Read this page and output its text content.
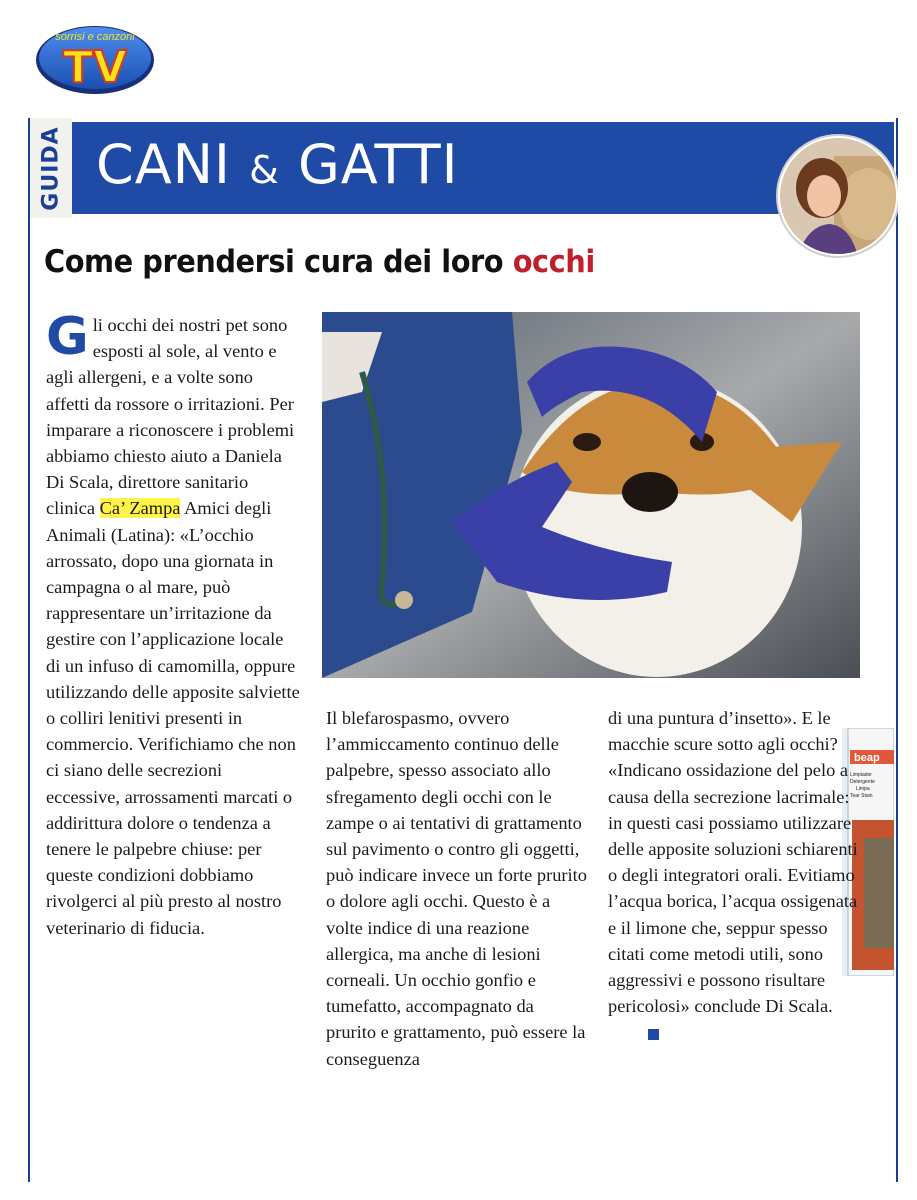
sorrisi e canzoni
TV
GUIDA CANI & GATTI
Come prendersi cura dei loro occhi
beap
Limpiador
Detergente
Limpa
Tear Stain

Gli occhi dei nostri pet sono esposti al sole, al vento e agli allergeni, e a volte sono affetti da rossore o irritazioni. Per imparare a riconoscere i problemi abbiamo chiesto aiuto a Daniela Di Scala, direttore sanitario clinica Ca’ Zampa Amici degli Animali (Latina): «L’occhio arrossato, dopo una giornata in campagna o al mare, può rappresentare un’irritazione da gestire con l’applicazione locale di un infuso di camomilla, oppure utilizzando delle apposite salviette o colliri lenitivi presenti in commercio. Verifichiamo che non ci siano delle secrezioni eccessive, arrossamenti marcati o addirittura dolore o tendenza a tenere le palpebre chiuse: per queste condizioni dobbiamo rivolgerci al più presto al nostro veterinario di fiducia.

Il blefarospasmo, ovvero l’ammiccamento continuo delle palpebre, spesso associato allo sfregamento degli occhi con le zampe o ai tentativi di grattamento sul pavimento o contro gli oggetti, può indicare invece un forte prurito o dolore agli occhi. Questo è a volte indice di una reazione allergica, ma anche di lesioni corneali. Un occhio gonfio e tumefatto, accompagnato da prurito e grattamento, può essere la conseguenza

di una puntura d’insetto». E le macchie scure sotto agli occhi? «Indicano ossidazione del pelo a causa della secrezione lacrimale: in questi casi possiamo utilizzare delle apposite soluzioni schiarenti o degli integratori orali. Evitiamo l’acqua borica, l’acqua ossigenata e il limone che, seppur spesso citati come metodi utili, sono aggressivi e possono risultare pericolosi» conclude Di Scala.
